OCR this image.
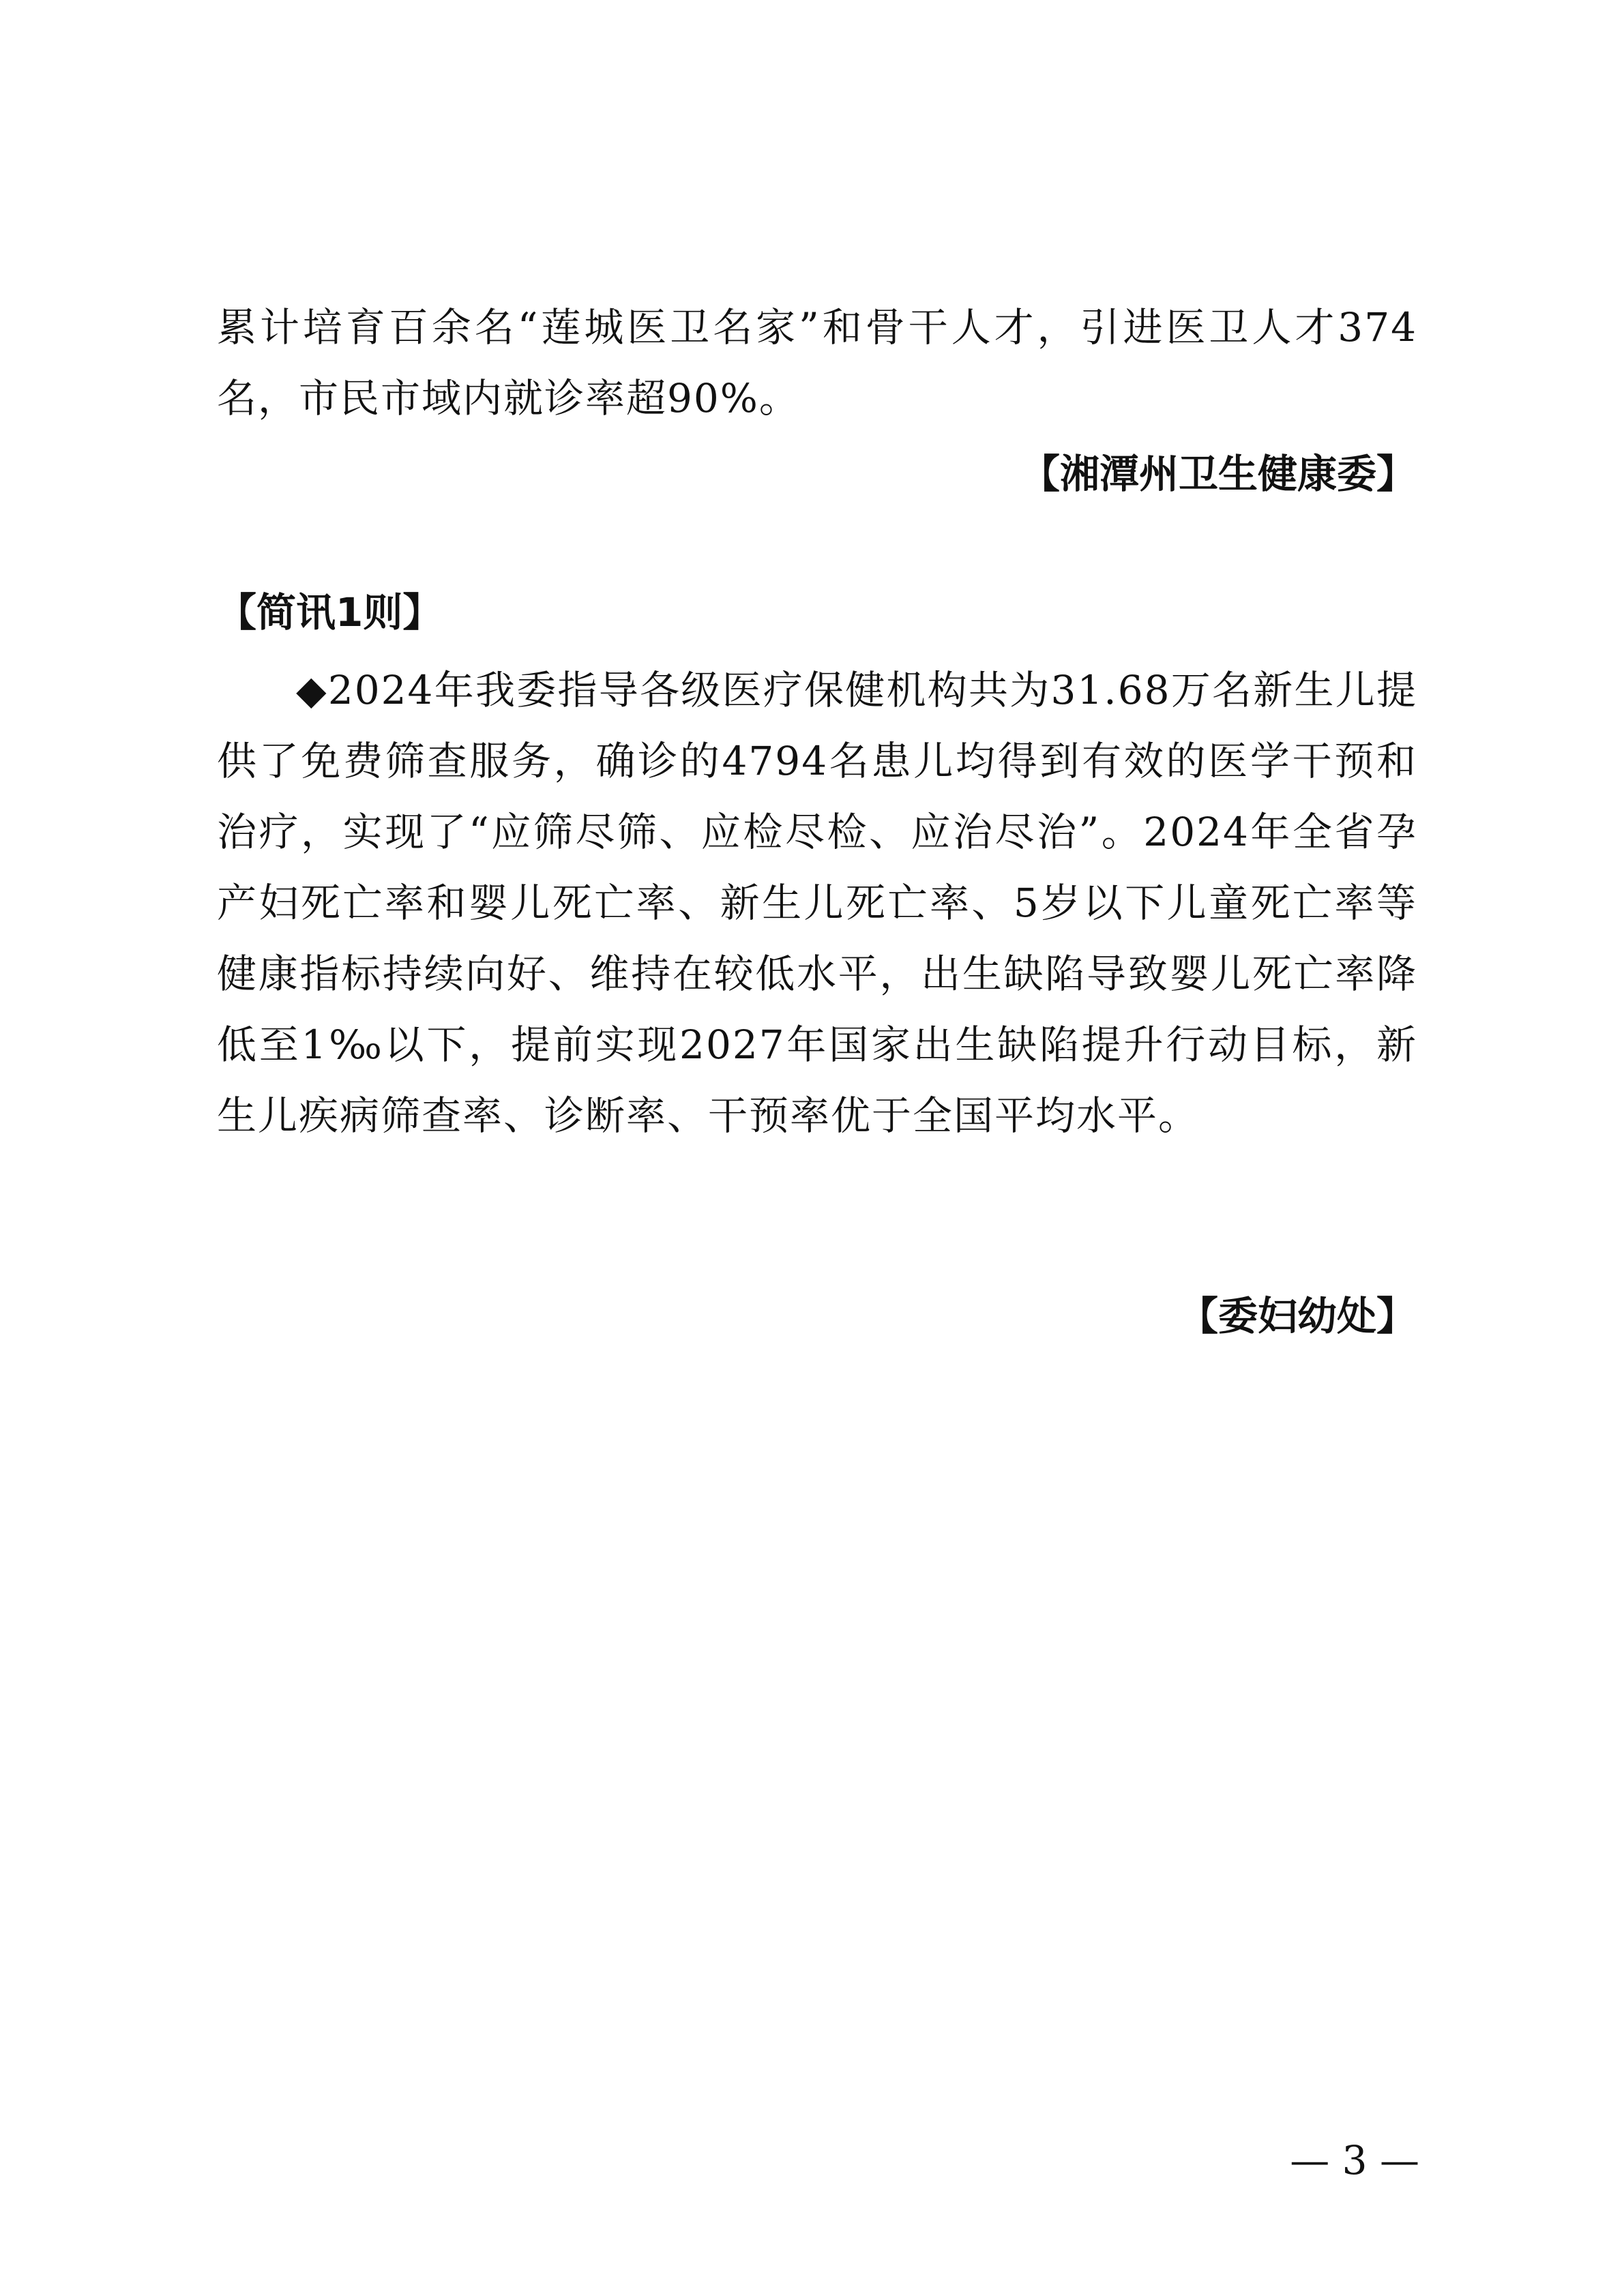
累计培育百余名“莲城医卫名家”和骨干人才，引进医卫人才374名，市民市域内就诊率超90%。

【湘潭州卫生健康委】

【简讯1则】

◆2024年我委指导各级医疗保健机构共为31.68万名新生儿提供了免费筛查服务，确诊的4794名患儿均得到有效的医学干预和治疗，实现了“应筛尽筛、应检尽检、应治尽治”。2024年全省孕产妇死亡率和婴儿死亡率、新生儿死亡率、5岁以下儿童死亡率等健康指标持续向好、维持在较低水平，出生缺陷导致婴儿死亡率降低至1‰以下，提前实现2027年国家出生缺陷提升行动目标，新生儿疾病筛查率、诊断率、干预率优于全国平均水平。

【委妇幼处】

— 3 —
